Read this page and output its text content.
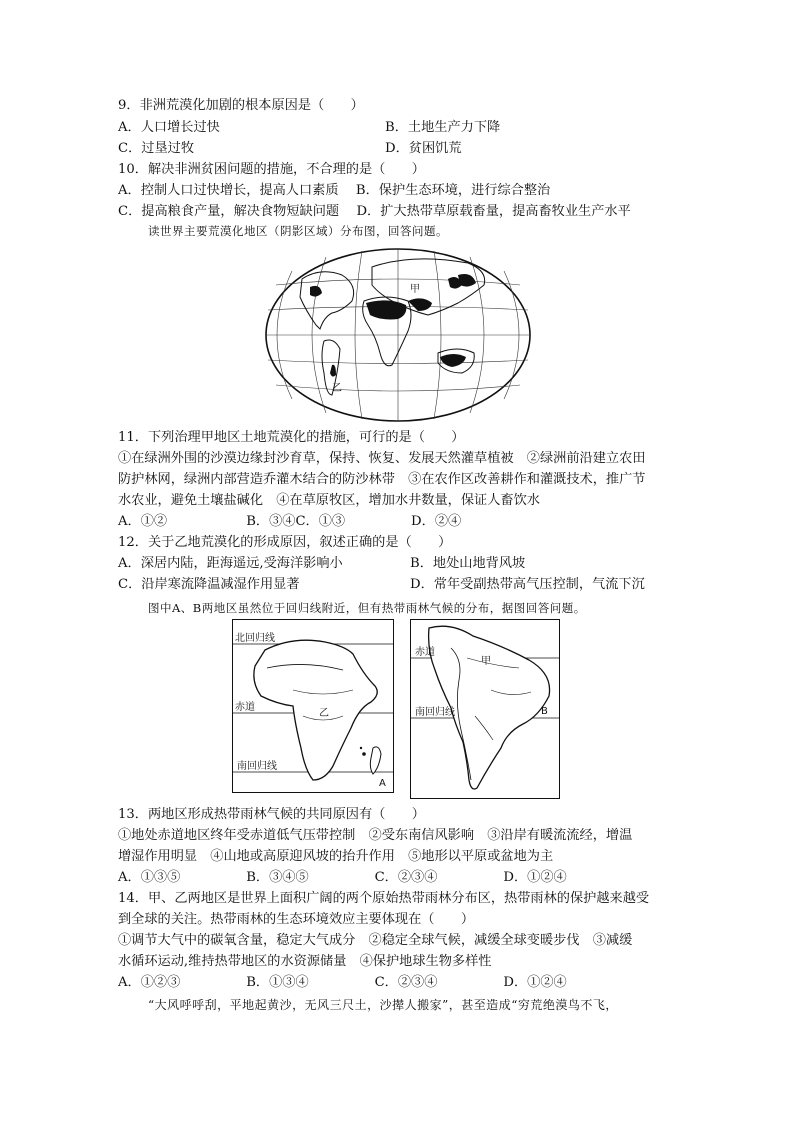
9．非洲荒漠化加剧的根本原因是（　　）
A．人口增长过快	B．土地生产力下降
C．过垦过牧	D．贫困饥荒
10．解决非洲贫困问题的措施，不合理的是（　　）
A．控制人口过快增长，提高人口素质　 B．保护生态环境，进行综合整治
C．提高粮食产量，解决食物短缺问题　 D．扩大热带草原载畜量，提高畜牧业生产水平
读世界主要荒漠化地区（阴影区域）分布图，回答问题。
甲
乙
11．下列治理甲地区土地荒漠化的措施，可行的是（　　）
①在绿洲外围的沙漠边缘封沙育草，保持、恢复、发展天然灌草植被　②绿洲前沿建立农田
防护林网，绿洲内部营造乔灌木结合的防沙林带　③在农作区改善耕作和灌溉技术，推广节
水农业，避免土壤盐碱化　④在草原牧区，增加水井数量，保证人畜饮水
A．①②　　　　　　B．③④C．①③　　　　　D．②④
12．关于乙地荒漠化的形成原因，叙述正确的是（　　）
A．深居内陆，距海遥远,受海洋影响小	B．地处山地背风坡
C．沿岸寒流降温减湿作用显著	D．常年受副热带高气压控制，气流下沉
图中A、B两地区虽然位于回归线附近，但有热带雨林气候的分布，据图回答问题。
北回归线
赤道
南回归线
乙
A
赤道
南回归线
甲
B
13．两地区形成热带雨林气候的共同原因有（　　）
①地处赤道地区终年受赤道低气压带控制　②受东南信风影响　③沿岸有暖流流经，增温
增湿作用明显　④山地或高原迎风坡的抬升作用　⑤地形以平原或盆地为主
A．①③⑤　　　　　B．③④⑤　　　　　C．②③④　　　　　D．①②④
14．甲、乙两地区是世界上面积广阔的两个原始热带雨林分布区，热带雨林的保护越来越受
到全球的关注。热带雨林的生态环境效应主要体现在（　　）
①调节大气中的碳氧含量，稳定大气成分　②稳定全球气候，减缓全球变暖步伐　③减缓
水循环运动,维持热带地区的水资源储量　④保护地球生物多样性
A．①②③　　　　　B．①③④　　　　　C．②③④　　　　　D．①②④
“大风呼呼刮，平地起黄沙，无风三尺土，沙撵人搬家”，甚至造成“穷荒绝漠鸟不飞，
